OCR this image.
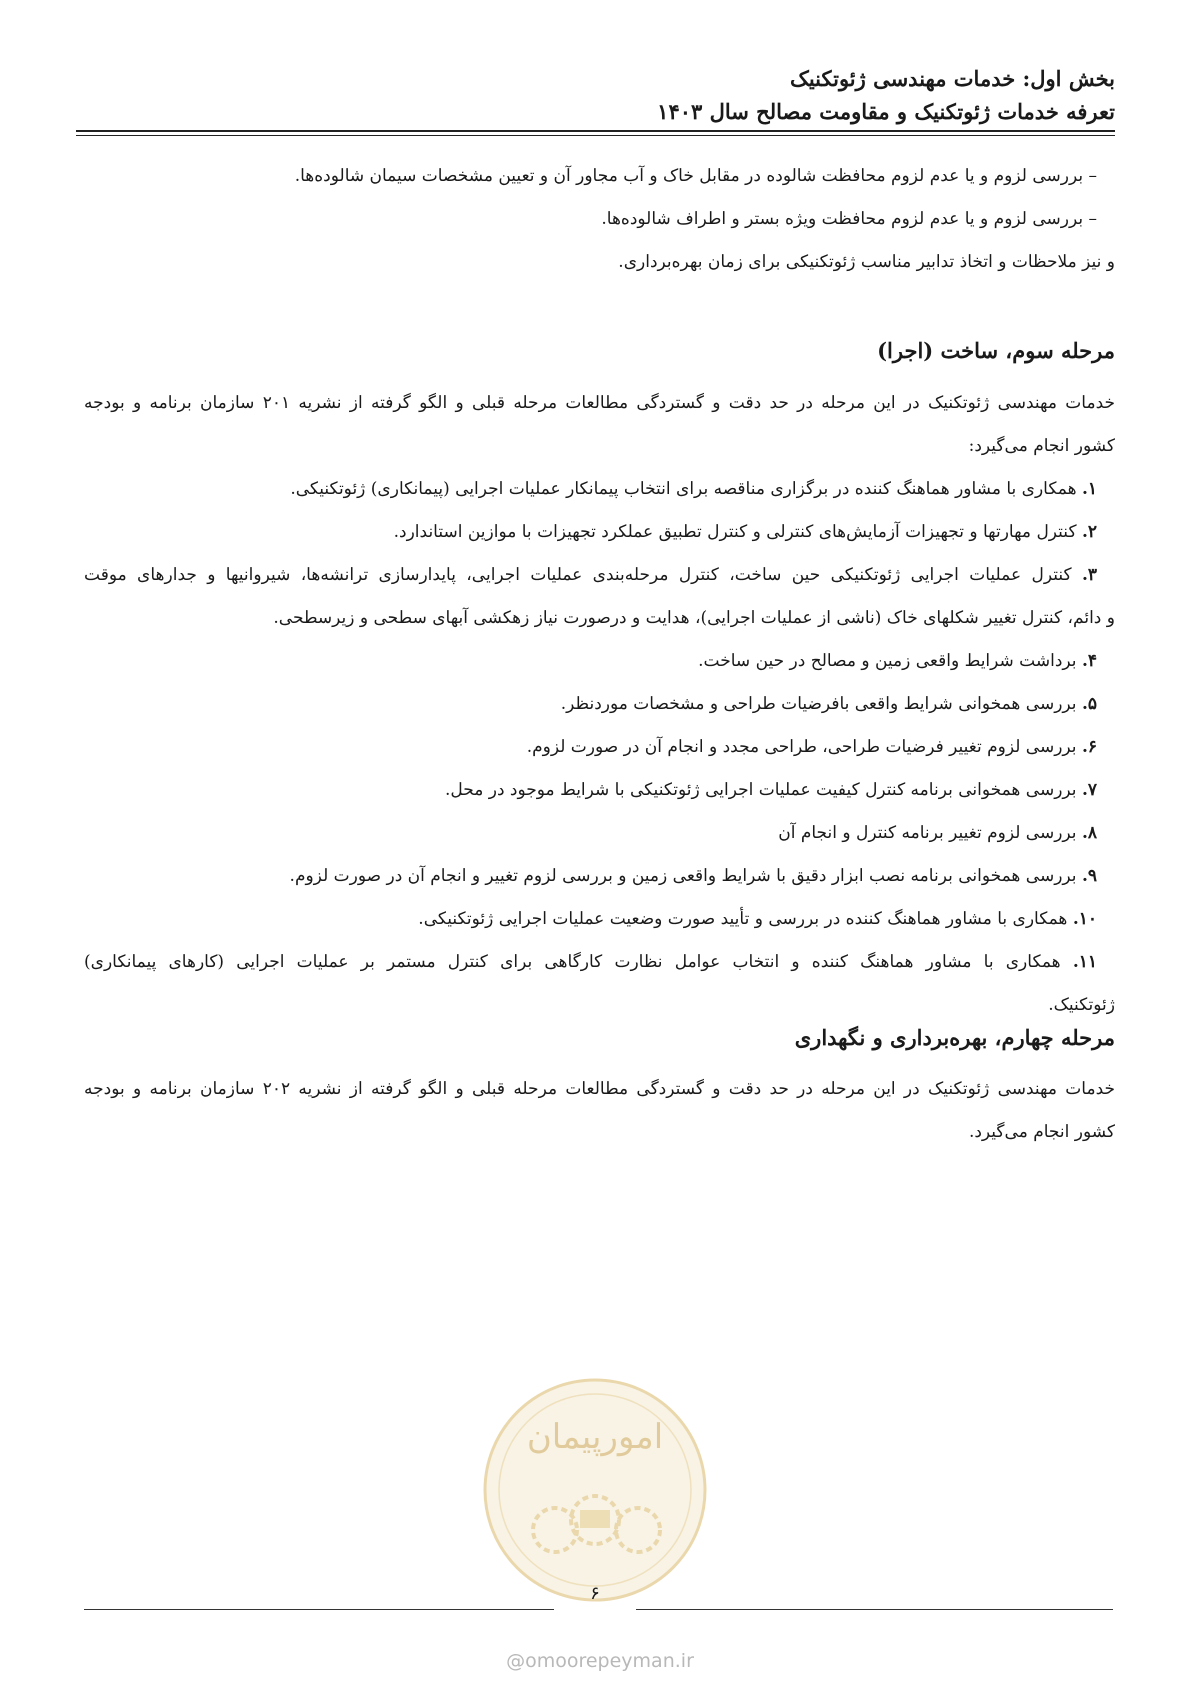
بخش اول: خدمات مهندسی ژئوتکنیک
تعرفه خدمات ژئوتکنیک و مقاومت مصالح سال ۱۴۰۳
– بررسی لزوم و یا عدم لزوم محافظت شالوده در مقابل خاک و آب مجاور آن و تعیین مشخصات سیمان شالوده‌ها.
– بررسی لزوم و یا عدم لزوم محافظت ویژه بستر و اطراف شالوده‌ها.
و نیز ملاحظات و اتخاذ تدابیر مناسب ژئوتکنیکی برای زمان بهره‌برداری.
مرحله سوم، ساخت (اجرا)
خدمات مهندسی ژئوتکنیک در این مرحله در حد دقت و گستردگی مطالعات مرحله قبلی و الگو گرفته از نشریه ۲۰۱ سازمان برنامه و بودجه
کشور انجام می‌گیرد:
۱. همکاری با مشاور هماهنگ کننده در برگزاری مناقصه برای انتخاب پیمانکار عملیات اجرایی (پیمانکاری) ژئوتکنیکی.
۲. کنترل مهارتها و تجهیزات آزمایش‌های کنترلی و کنترل تطبیق عملکرد تجهیزات با موازین استاندارد.
۳. کنترل عملیات اجرایی ژئوتکنیکی حین ساخت، کنترل مرحله‌بندی عملیات اجرایی، پایدارسازی ترانشه‌ها، شیروانیها و جدارهای موقت
و دائم، کنترل تغییر شکلهای خاک (ناشی از عملیات اجرایی)، هدایت و درصورت نیاز زهکشی آبهای سطحی و زیرسطحی.
۴. برداشت شرایط واقعی زمین و مصالح در حین ساخت.
۵. بررسی همخوانی شرایط واقعی بافرضیات طراحی و مشخصات موردنظر.
۶. بررسی لزوم تغییر فرضیات طراحی، طراحی مجدد و انجام آن در صورت لزوم.
۷. بررسی همخوانی برنامه کنترل کیفیت عملیات اجرایی ژئوتکنیکی با شرایط موجود در محل.
۸. بررسی لزوم تغییر برنامه کنترل و انجام آن
۹. بررسی همخوانی برنامه نصب ابزار دقیق با شرایط واقعی زمین و بررسی لزوم تغییر و انجام آن در صورت لزوم.
۱۰. همکاری با مشاور هماهنگ کننده در بررسی و تأیید صورت وضعیت عملیات اجرایی ژئوتکنیکی.
۱۱. همکاری با مشاور هماهنگ کننده و انتخاب عوامل نظارت کارگاهی برای کنترل مستمر بر عملیات اجرایی (کارهای پیمانکاری)
ژئوتکنیک.
مرحله چهارم، بهره‌برداری و نگهداری
خدمات مهندسی ژئوتکنیک در این مرحله در حد دقت و گستردگی مطالعات مرحله قبلی و الگو گرفته از نشریه ۲۰۲ سازمان برنامه و بودجه
کشور انجام می‌گیرد.
امورپیمان
۶
@omoorepeyman.ir
